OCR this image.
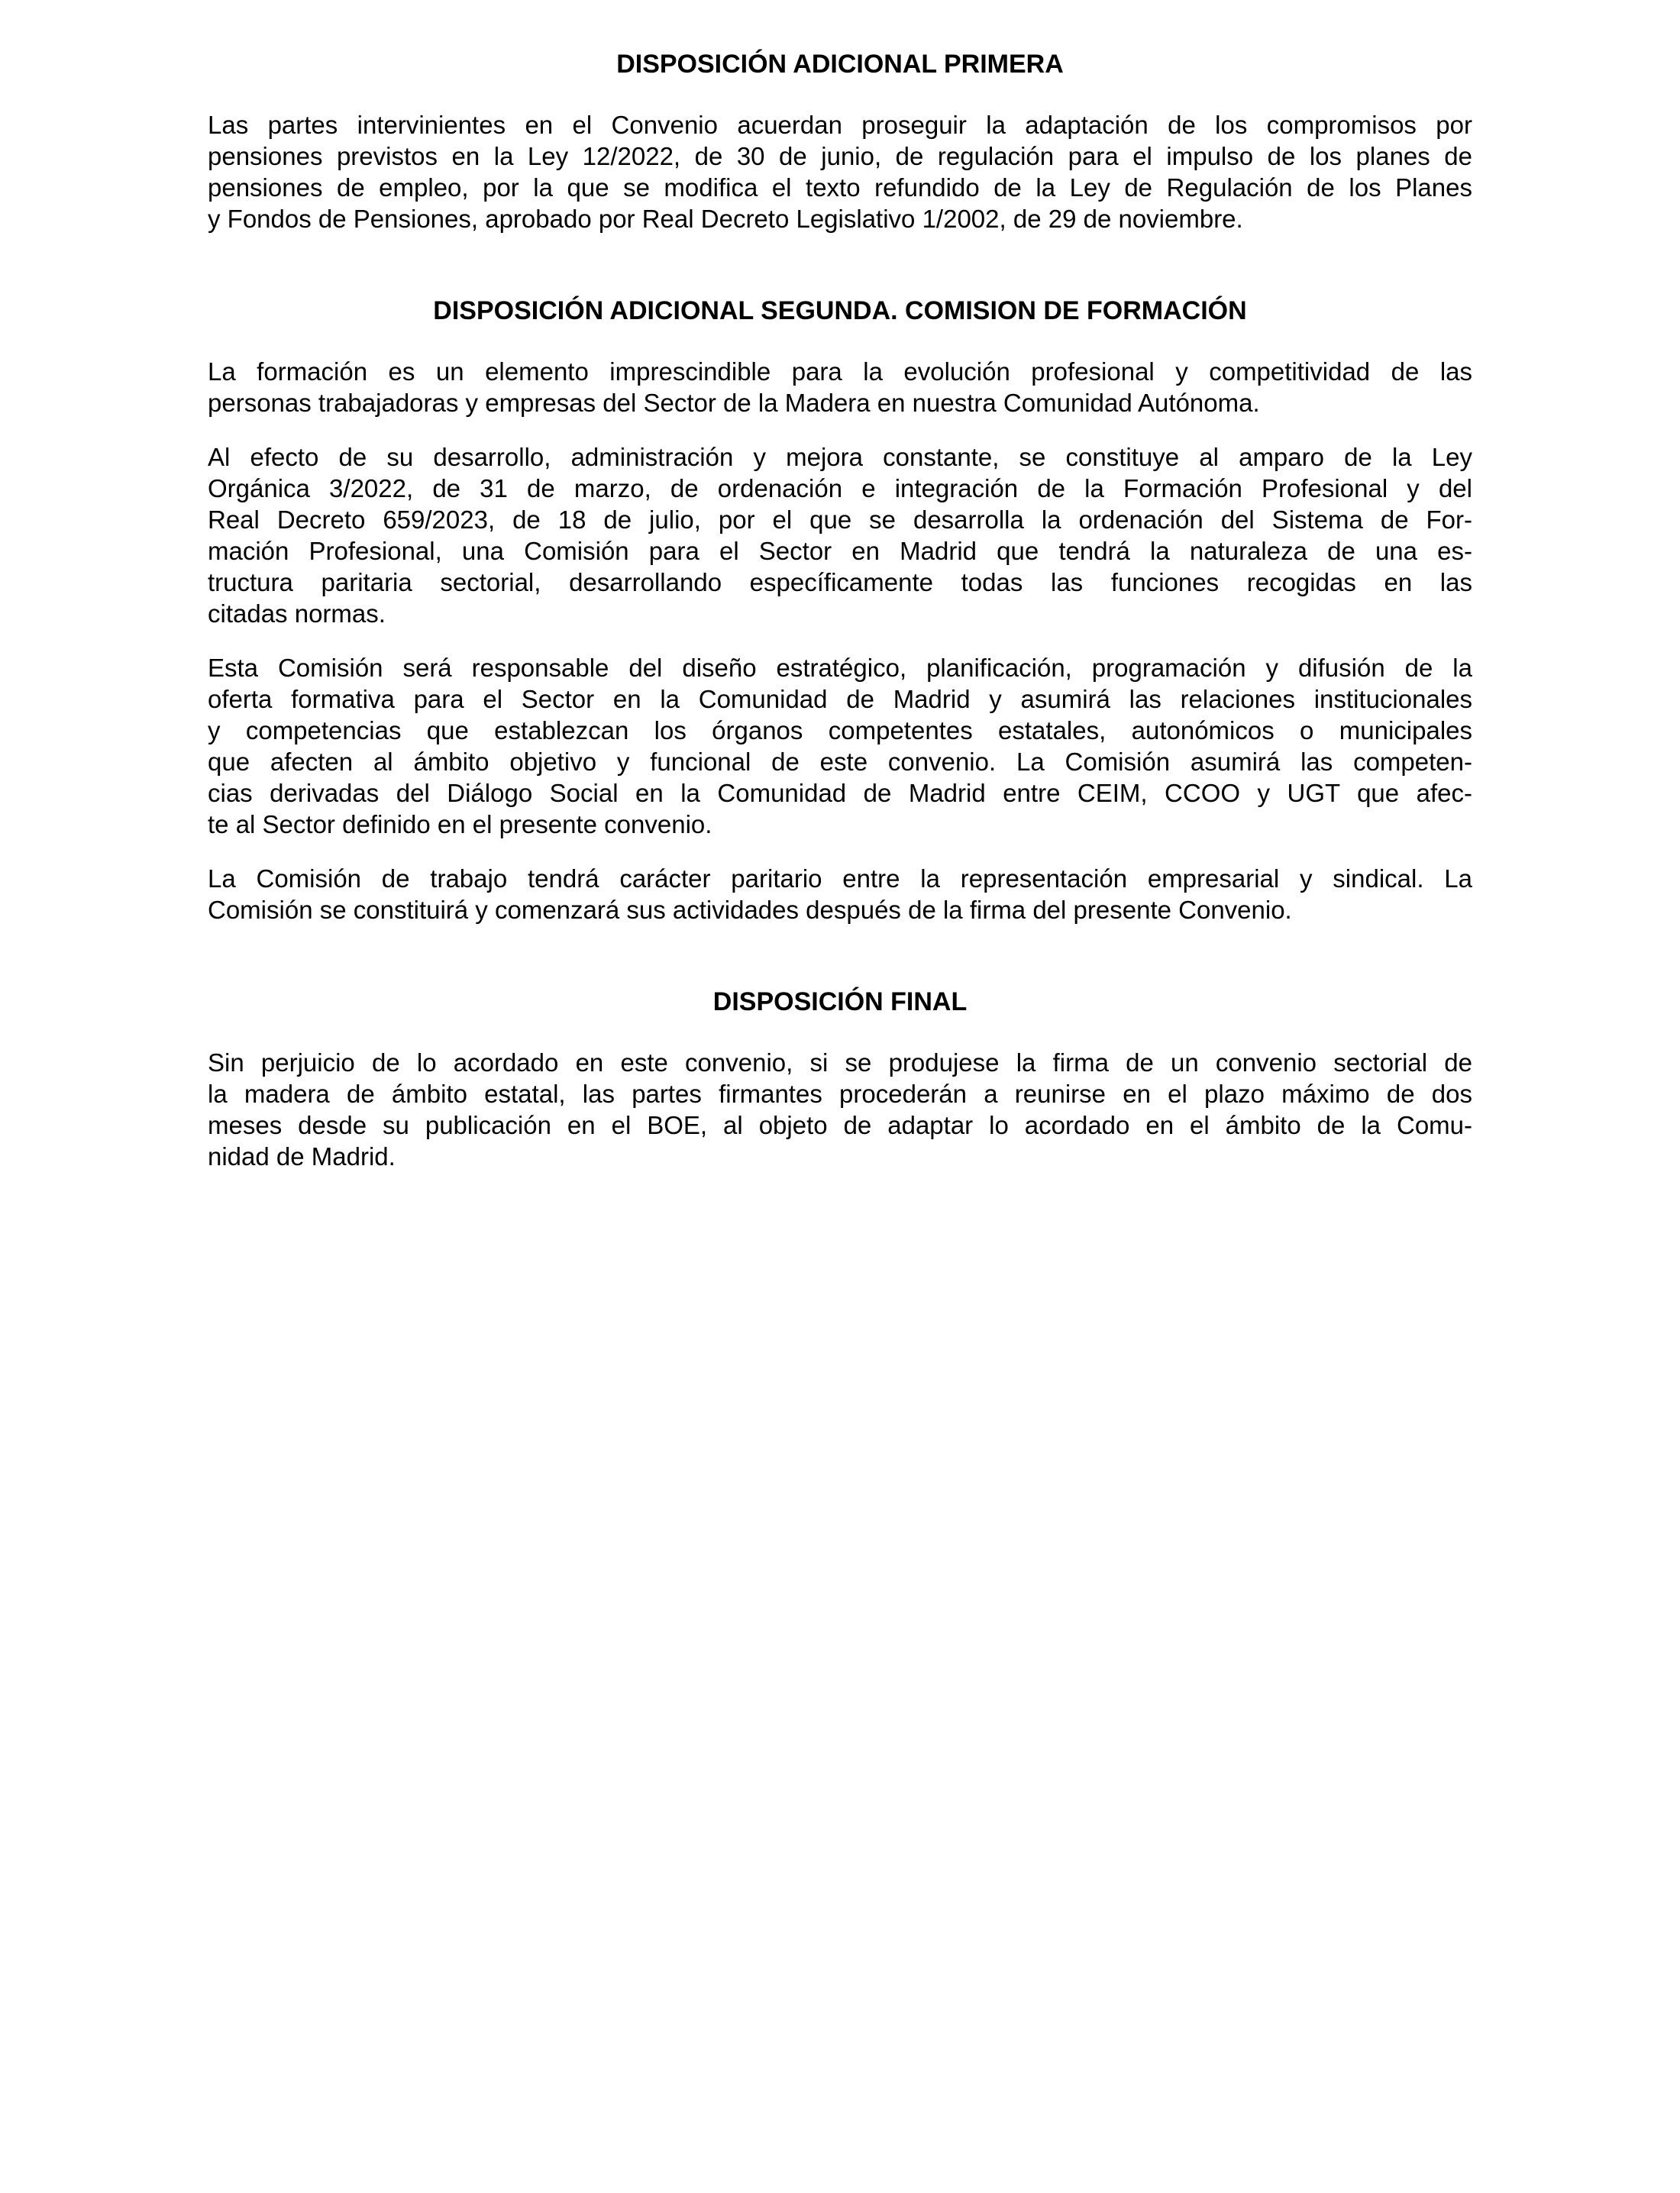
DISPOSICIÓN ADICIONAL PRIMERA
Las partes intervinientes en el Convenio acuerdan proseguir la adaptación de los compromisos por
pensiones previstos en la Ley 12/2022, de 30 de junio, de regulación para el impulso de los planes de
pensiones de empleo, por la que se modifica el texto refundido de la Ley de Regulación de los Planes
y Fondos de Pensiones, aprobado por Real Decreto Legislativo 1/2002, de 29 de noviembre.
DISPOSICIÓN ADICIONAL SEGUNDA. COMISION DE FORMACIÓN
La formación es un elemento imprescindible para la evolución profesional y competitividad de las
personas trabajadoras y empresas del Sector de la Madera en nuestra Comunidad Autónoma.
Al efecto de su desarrollo, administración y mejora constante, se constituye al amparo de la Ley
Orgánica 3/2022, de 31 de marzo, de ordenación e integración de la Formación Profesional y del
Real Decreto 659/2023, de 18 de julio, por el que se desarrolla la ordenación del Sistema de For-
mación Profesional, una Comisión para el Sector en Madrid que tendrá la naturaleza de una es-
tructura paritaria sectorial, desarrollando específicamente todas las funciones recogidas en las
citadas normas.
Esta Comisión será responsable del diseño estratégico, planificación, programación y difusión de la
oferta formativa para el Sector en la Comunidad de Madrid y asumirá las relaciones institucionales
y competencias que establezcan los órganos competentes estatales, autonómicos o municipales
que afecten al ámbito objetivo y funcional de este convenio. La Comisión asumirá las competen-
cias derivadas del Diálogo Social en la Comunidad de Madrid entre CEIM, CCOO y UGT que afec-
te al Sector definido en el presente convenio.
La Comisión de trabajo tendrá carácter paritario entre la representación empresarial y sindical. La
Comisión se constituirá y comenzará sus actividades después de la firma del presente Convenio.
DISPOSICIÓN FINAL
Sin perjuicio de lo acordado en este convenio, si se produjese la firma de un convenio sectorial de
la madera de ámbito estatal, las partes firmantes procederán a reunirse en el plazo máximo de dos
meses desde su publicación en el BOE, al objeto de adaptar lo acordado en el ámbito de la Comu-
nidad de Madrid.
